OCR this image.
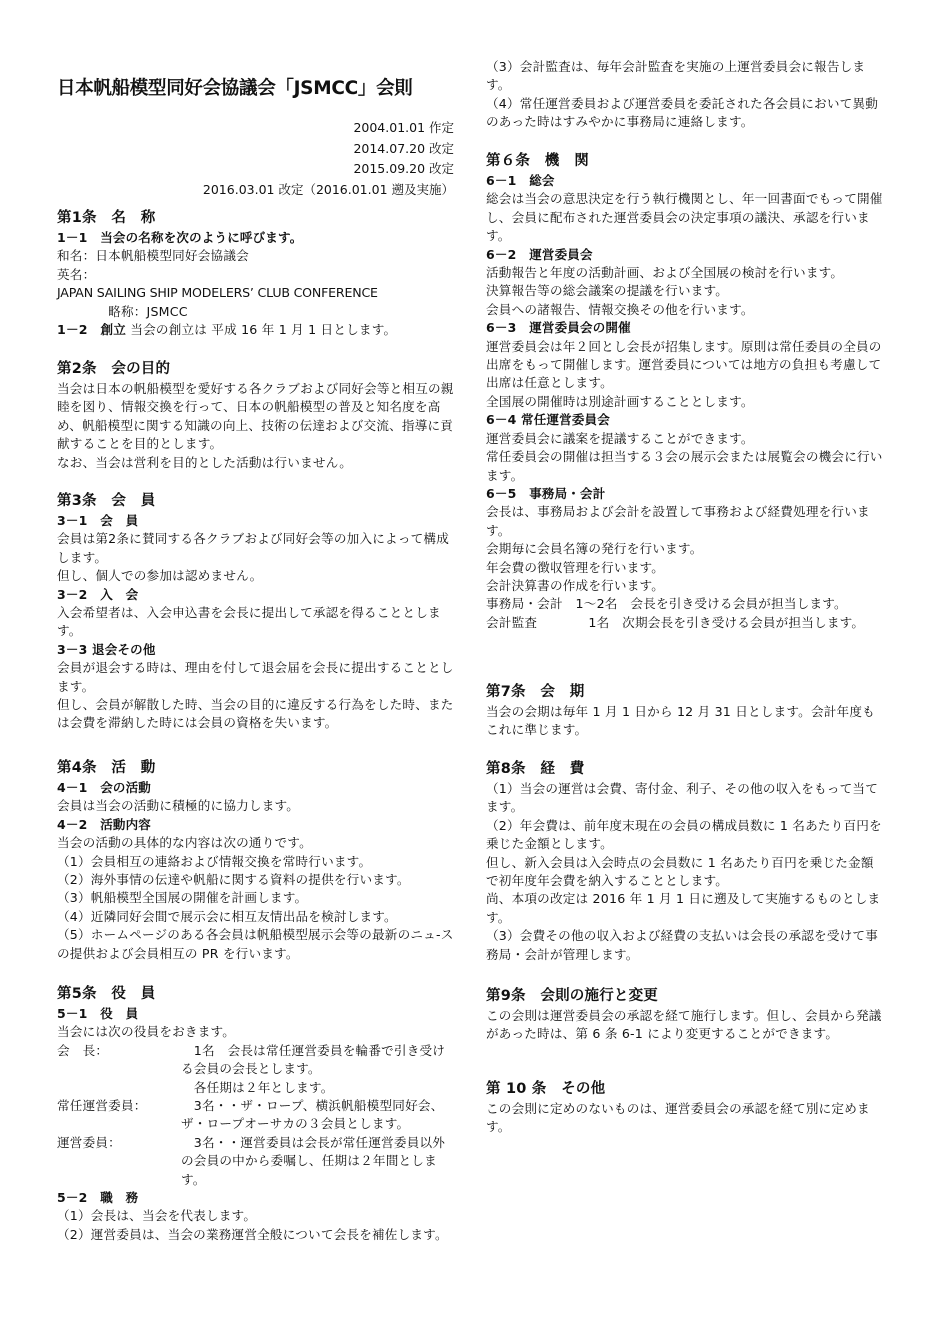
日本帆船模型同好会協議会「JSMCC」会則
2004.01.01 作定
2014.07.20 改定
2015.09.20 改定
2016.03.01 改定（2016.01.01 遡及実施）
第1条　名　称

1－1　当会の名称を次のように呼びます。

和名：日本帆船模型同好会協議会

英名：

JAPAN SAILING SHIP MODELERS’ CLUB CONFERENCE

　　　　略称：JSMCC

1－2　創立 当会の創立は 平成 16 年 1 月 1 日とします。

第2条　会の目的

当会は日本の帆船模型を愛好する各クラブおよび同好会等と相互の親睦を図り、情報交換を行って、日本の帆船模型の普及と知名度を高め、帆船模型に関する知識の向上、技術の伝達および交流、指導に貢献することを目的とします。

なお、当会は営利を目的とした活動は行いません。

第3条　会　員

3－1　会　員

会員は第2条に賛同する各クラブおよび同好会等の加入によって構成します。

但し、個人での参加は認めません。

3－2　入　会

入会希望者は、入会申込書を会長に提出して承認を得ることとします。

3－3 退会その他

会員が退会する時は、理由を付して退会届を会長に提出することとします。

但し、会員が解散した時、当会の目的に違反する行為をした時、または会費を滞納した時には会員の資格を失います。

第4条　活　動

4－1　会の活動

会員は当会の活動に積極的に協力します。

4－2　活動内容

当会の活動の具体的な内容は次の通りです。

（1）会員相互の連絡および情報交換を常時行います。

（2）海外事情の伝達や帆船に関する資料の提供を行います。

（3）帆船模型全国展の開催を計画します。

（4）近隣同好会間で展示会に相互友情出品を検討します。

（5）ホームページのある各会員は帆船模型展示会等の最新のニュ-スの提供および会員相互の PR を行います。

第5条　役　員

5－1　役　員

当会には次の役員をおきます。

会　長：	　1名　会長は常任運営委員を輪番で引き受ける会員の会長とします。
　各任期は２年とします。
常任運営委員：	　3名・・ザ・ロープ、横浜帆船模型同好会、ザ・ロープオーサカの３会員とします。
運営委員：	　3名・・運営委員は会長が常任運営委員以外の会員の中から委嘱し、任期は２年間とします。

5－2　職　務

（1）会長は、当会を代表します。

（2）運営委員は、当会の業務運営全般について会長を補佐します。

（3）会計監査は、毎年会計監査を実施の上運営委員会に報告します。

（4）常任運営委員および運営委員を委託された各会員において異動のあった時はすみやかに事務局に連絡します。

第６条　機　関

6－1　総会

総会は当会の意思決定を行う執行機関とし、年一回書面でもって開催し、会員に配布された運営委員会の決定事項の議決、承認を行います。

6－2　運営委員会

活動報告と年度の活動計画、および全国展の検討を行います。

決算報告等の総会議案の提議を行います。

会員への諸報告、情報交換その他を行います。

6－3　運営委員会の開催

運営委員会は年２回とし会長が招集します。原則は常任委員の全員の出席をもって開催します。運営委員については地方の負担も考慮して出席は任意とします。

全国展の開催時は別途計画することとします。

6－4 常任運営委員会

運営委員会に議案を提議することができます。

常任委員会の開催は担当する３会の展示会または展覧会の機会に行います。

6－5　事務局・会計

会長は、事務局および会計を設置して事務および経費処理を行います。

会期毎に会員名簿の発行を行います。

年会費の徴収管理を行います。

会計決算書の作成を行います。

事務局・会計　1～2名　会長を引き受ける会員が担当します。

会計監査　　　　1名　次期会長を引き受ける会員が担当します。

第7条　会　期

当会の会期は毎年 1 月 1 日から 12 月 31 日とします。会計年度もこれに準じます。

第8条　経　費

（1）当会の運営は会費、寄付金、利子、その他の収入をもって当てます。

（2）年会費は、前年度末現在の会員の構成員数に 1 名あたり百円を乗じた金額とします。

但し、新入会員は入会時点の会員数に 1 名あたり百円を乗じた金額で初年度年会費を納入することとします。

尚、本項の改定は 2016 年 1 月 1 日に遡及して実施するものとします。

（3）会費その他の収入および経費の支払いは会長の承認を受けて事務局・会計が管理します。

第9条　会則の施行と変更

この会則は運営委員会の承認を経て施行します。但し、会員から発議があった時は、第 6 条 6-1 により変更することができます。

第 10 条　その他

この会則に定めのないものは、運営委員会の承認を経て別に定めます。
